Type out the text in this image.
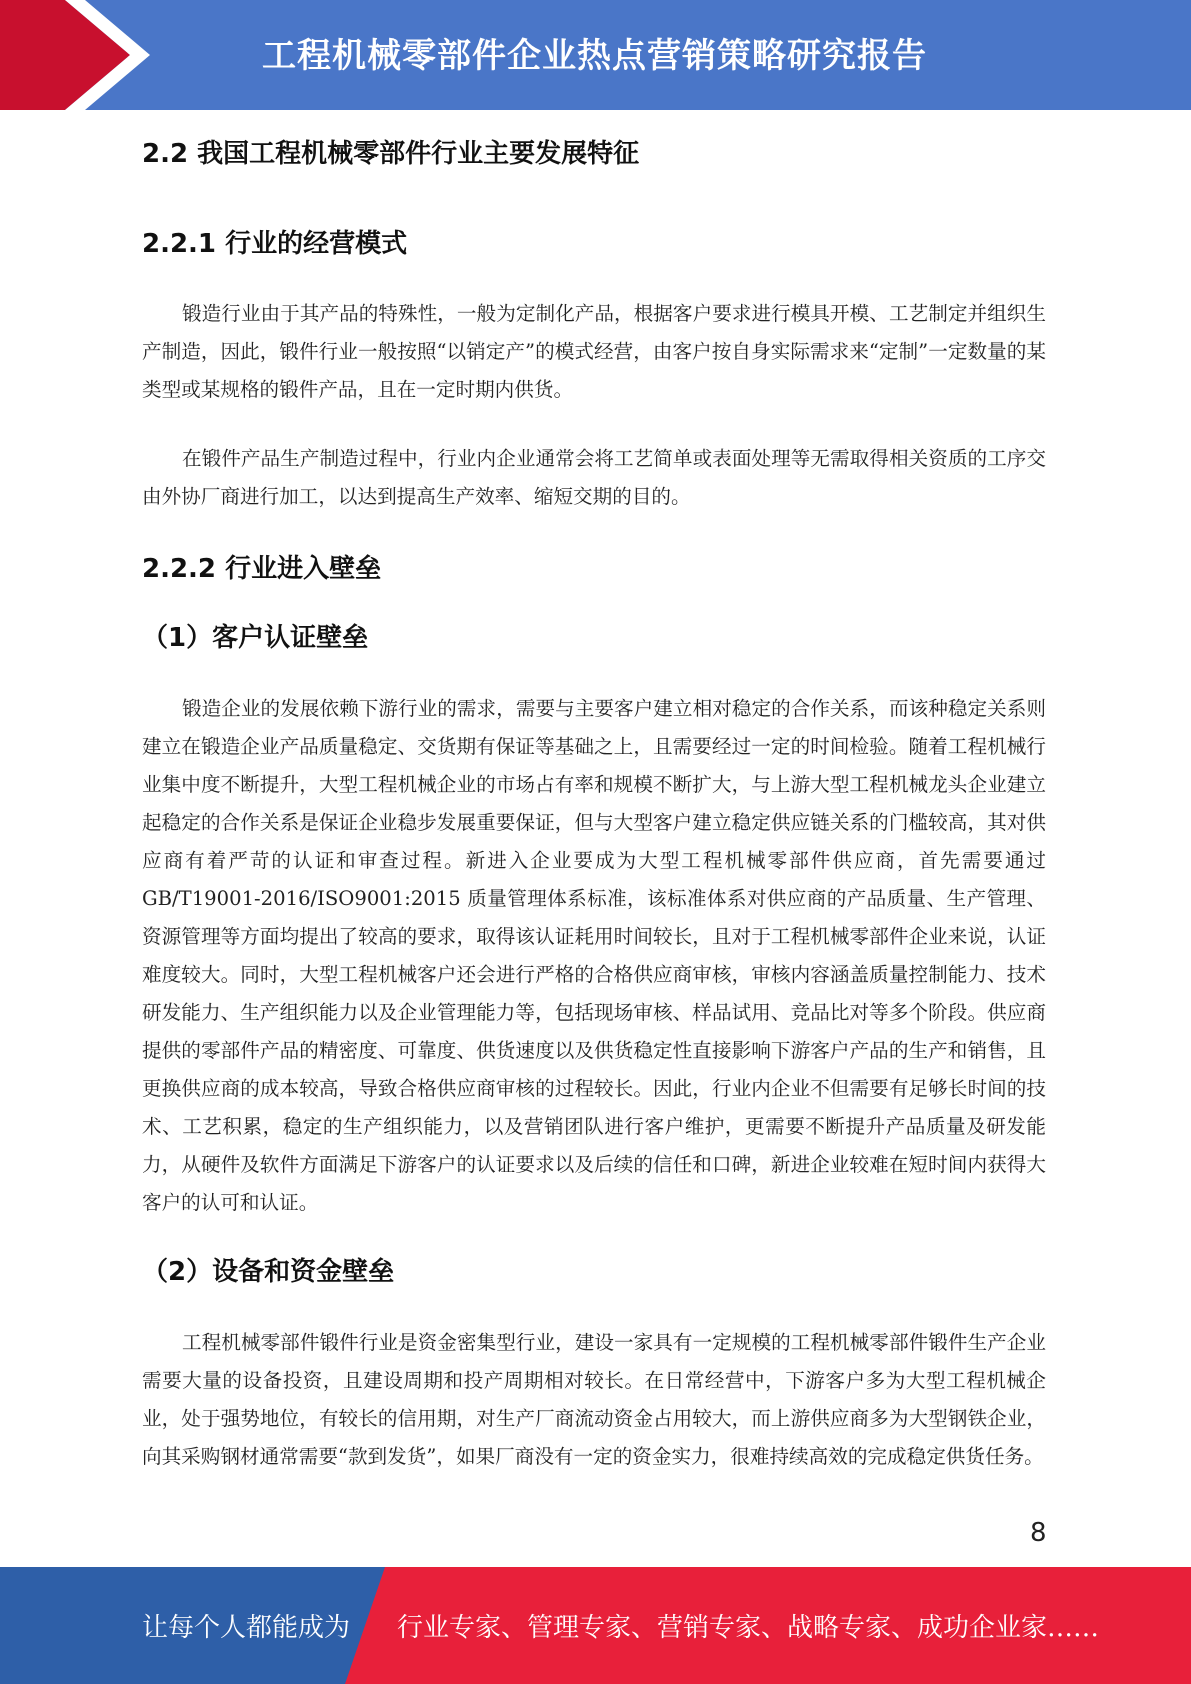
工程机械零部件企业热点营销策略研究报告
2.2 我国工程机械零部件行业主要发展特征
2.2.1 行业的经营模式

锻造行业由于其产品的特殊性，一般为定制化产品，根据客户要求进行模具开模、工艺制定并组织生产制造，因此，锻件行业一般按照“以销定产”的模式经营，由客户按自身实际需求来“定制”一定数量的某类型或某规格的锻件产品，且在一定时期内供货。

在锻件产品生产制造过程中，行业内企业通常会将工艺简单或表面处理等无需取得相关资质的工序交由外协厂商进行加工，以达到提高生产效率、缩短交期的目的。

2.2.2 行业进入壁垒
（1）客户认证壁垒

锻造企业的发展依赖下游行业的需求，需要与主要客户建立相对稳定的合作关系，而该种稳定关系则建立在锻造企业产品质量稳定、交货期有保证等基础之上，且需要经过一定的时间检验。随着工程机械行业集中度不断提升，大型工程机械企业的市场占有率和规模不断扩大，与上游大型工程机械龙头企业建立起稳定的合作关系是保证企业稳步发展重要保证，但与大型客户建立稳定供应链关系的门槛较高，其对供应商有着严苛的认证和审查过程。新进入企业要成为大型工程机械零部件供应商，首先需要通过 GB/T19001-2016/ISO9001:2015 质量管理体系标准，该标准体系对供应商的产品质量、生产管理、资源管理等方面均提出了较高的要求，取得该认证耗用时间较长，且对于工程机械零部件企业来说，认证难度较大。同时，大型工程机械客户还会进行严格的合格供应商审核，审核内容涵盖质量控制能力、技术研发能力、生产组织能力以及企业管理能力等，包括现场审核、样品试用、竞品比对等多个阶段。供应商提供的零部件产品的精密度、可靠度、供货速度以及供货稳定性直接影响下游客户产品的生产和销售，且更换供应商的成本较高，导致合格供应商审核的过程较长。因此，行业内企业不但需要有足够长时间的技术、工艺积累，稳定的生产组织能力，以及营销团队进行客户维护，更需要不断提升产品质量及研发能力，从硬件及软件方面满足下游客户的认证要求以及后续的信任和口碑，新进企业较难在短时间内获得大客户的认可和认证。

（2）设备和资金壁垒

工程机械零部件锻件行业是资金密集型行业，建设一家具有一定规模的工程机械零部件锻件生产企业需要大量的设备投资，且建设周期和投产周期相对较长。在日常经营中，下游客户多为大型工程机械企业，处于强势地位，有较长的信用期，对生产厂商流动资金占用较大，而上游供应商多为大型钢铁企业，向其采购钢材通常需要“款到发货”，如果厂商没有一定的资金实力，很难持续高效的完成稳定供货任务。

8
让每个人都能成为 行业专家、管理专家、营销专家、战略专家、成功企业家……
